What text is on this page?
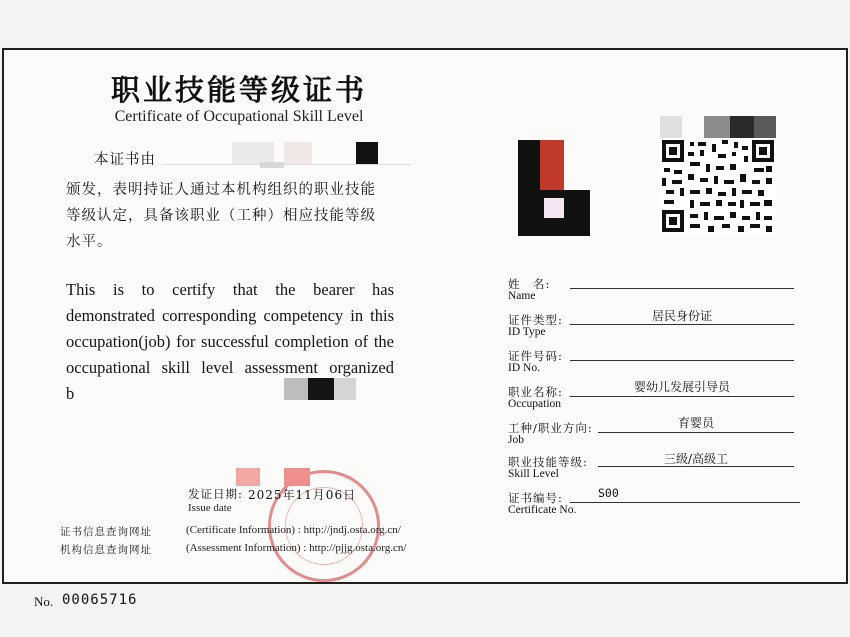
职业技能等级证书
Certificate of Occupational Skill Level
本证书由
颁发，表明持证人通过本机构组织的职业技能
等级认定，具备该职业（工种）相应技能等级
水平。
This is to certify that the bearer has
demonstrated corresponding competency in this
occupation(job) for successful completion of the
occupational skill level assessment organized
b
发证日期: 2025年11月06日
Issue date
证书信息查询网址	(Certificate Information) : http://jndj.osta.org.cn/
机构信息查询网址	(Assessment Information) : http://pjjg.osta.org.cn/
姓　名:
Name
证件类型:
ID Type
居民身份证
证件号码:
ID No.
职业名称:
Occupation
婴幼儿发展引导员
工种/职业方向:
Job
育婴员
职业技能等级:
Skill Level
三级/高级工
证书编号:
Certificate No.
S00
No. 00065716
